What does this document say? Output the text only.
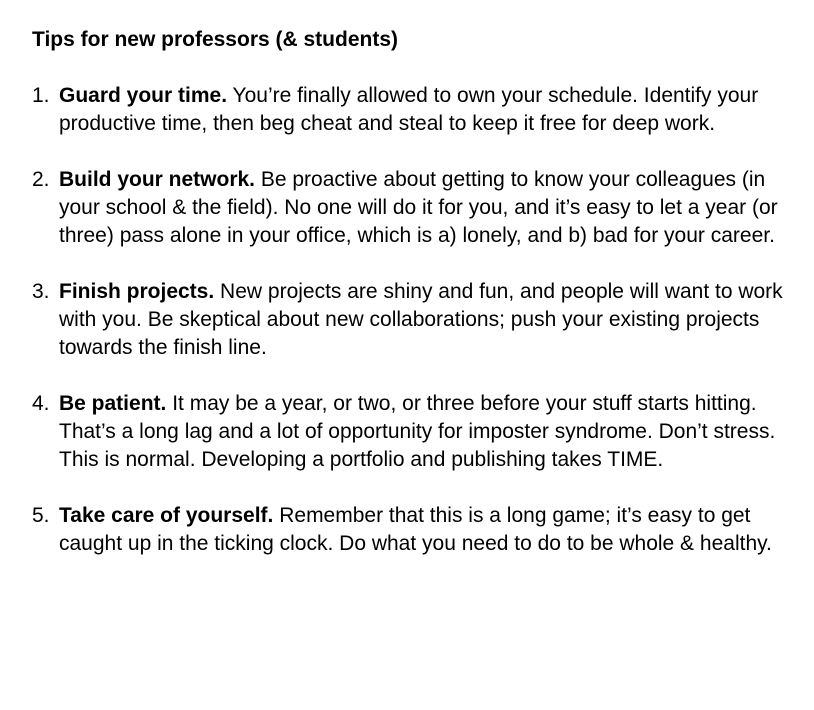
Tips for new professors (& students)
1. Guard your time. You’re finally allowed to own your schedule. Identify your productive time, then beg cheat and steal to keep it free for deep work.
2. Build your network. Be proactive about getting to know your colleagues (in your school & the field). No one will do it for you, and it’s easy to let a year (or three) pass alone in your office, which is a) lonely, and b) bad for your career.
3. Finish projects. New projects are shiny and fun, and people will want to work with you. Be skeptical about new collaborations; push your existing projects towards the finish line.
4. Be patient. It may be a year, or two, or three before your stuff starts hitting. That’s a long lag and a lot of opportunity for imposter syndrome. Don’t stress. This is normal. Developing a portfolio and publishing takes TIME.
5. Take care of yourself. Remember that this is a long game; it’s easy to get caught up in the ticking clock. Do what you need to do to be whole & healthy.
